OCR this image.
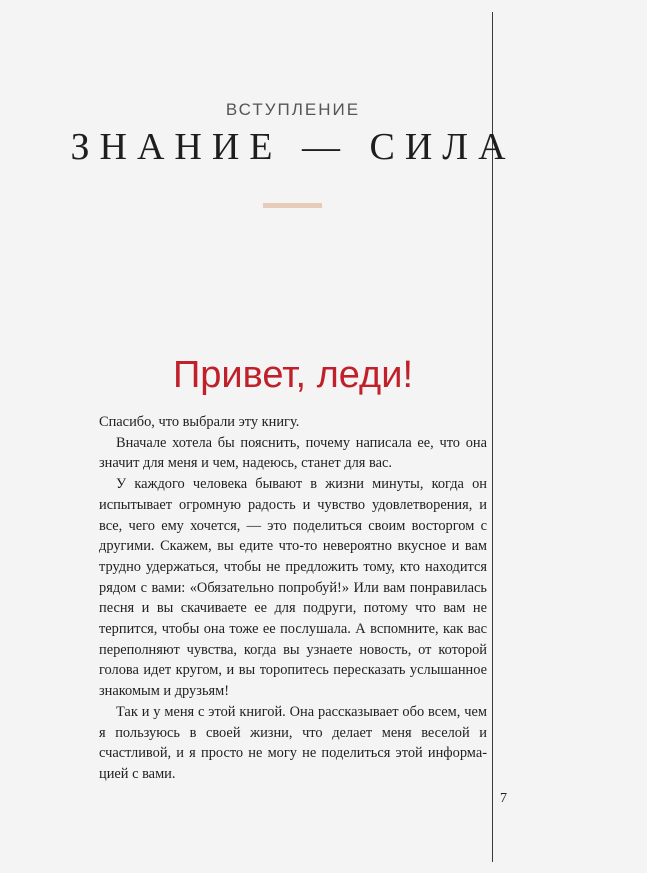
ВСТУПЛЕНИЕ
ЗНАНИЕ — СИЛА
Привет, леди!

Спасибо, что выбрали эту книгу.

Вначале хотела бы пояснить, почему написала ее, что она значит для меня и чем, надеюсь, станет для вас.

У каждого человека бывают в жизни минуты, когда он испытывает огромную радость и чувство удовлетворения, и все, чего ему хочется, — это поделиться своим восторгом с другими. Скажем, вы едите что-то невероятно вкусное и вам трудно удержаться, чтобы не предложить тому, кто находится рядом с вами: «Обязательно попробуй!» Или вам понравилась песня и вы скачиваете ее для подруги, потому что вам не терпится, чтобы она тоже ее послушала. А вспомните, как вас переполняют чувства, когда вы узнаете новость, от которой голова идет кругом, и вы торопитесь пересказать услышанное знакомым и друзьям!

Так и у меня с этой книгой. Она рассказывает обо всем, чем я пользуюсь в своей жизни, что делает меня веселой и счастливой, и я просто не могу не поделиться этой информацией с вами.

7
